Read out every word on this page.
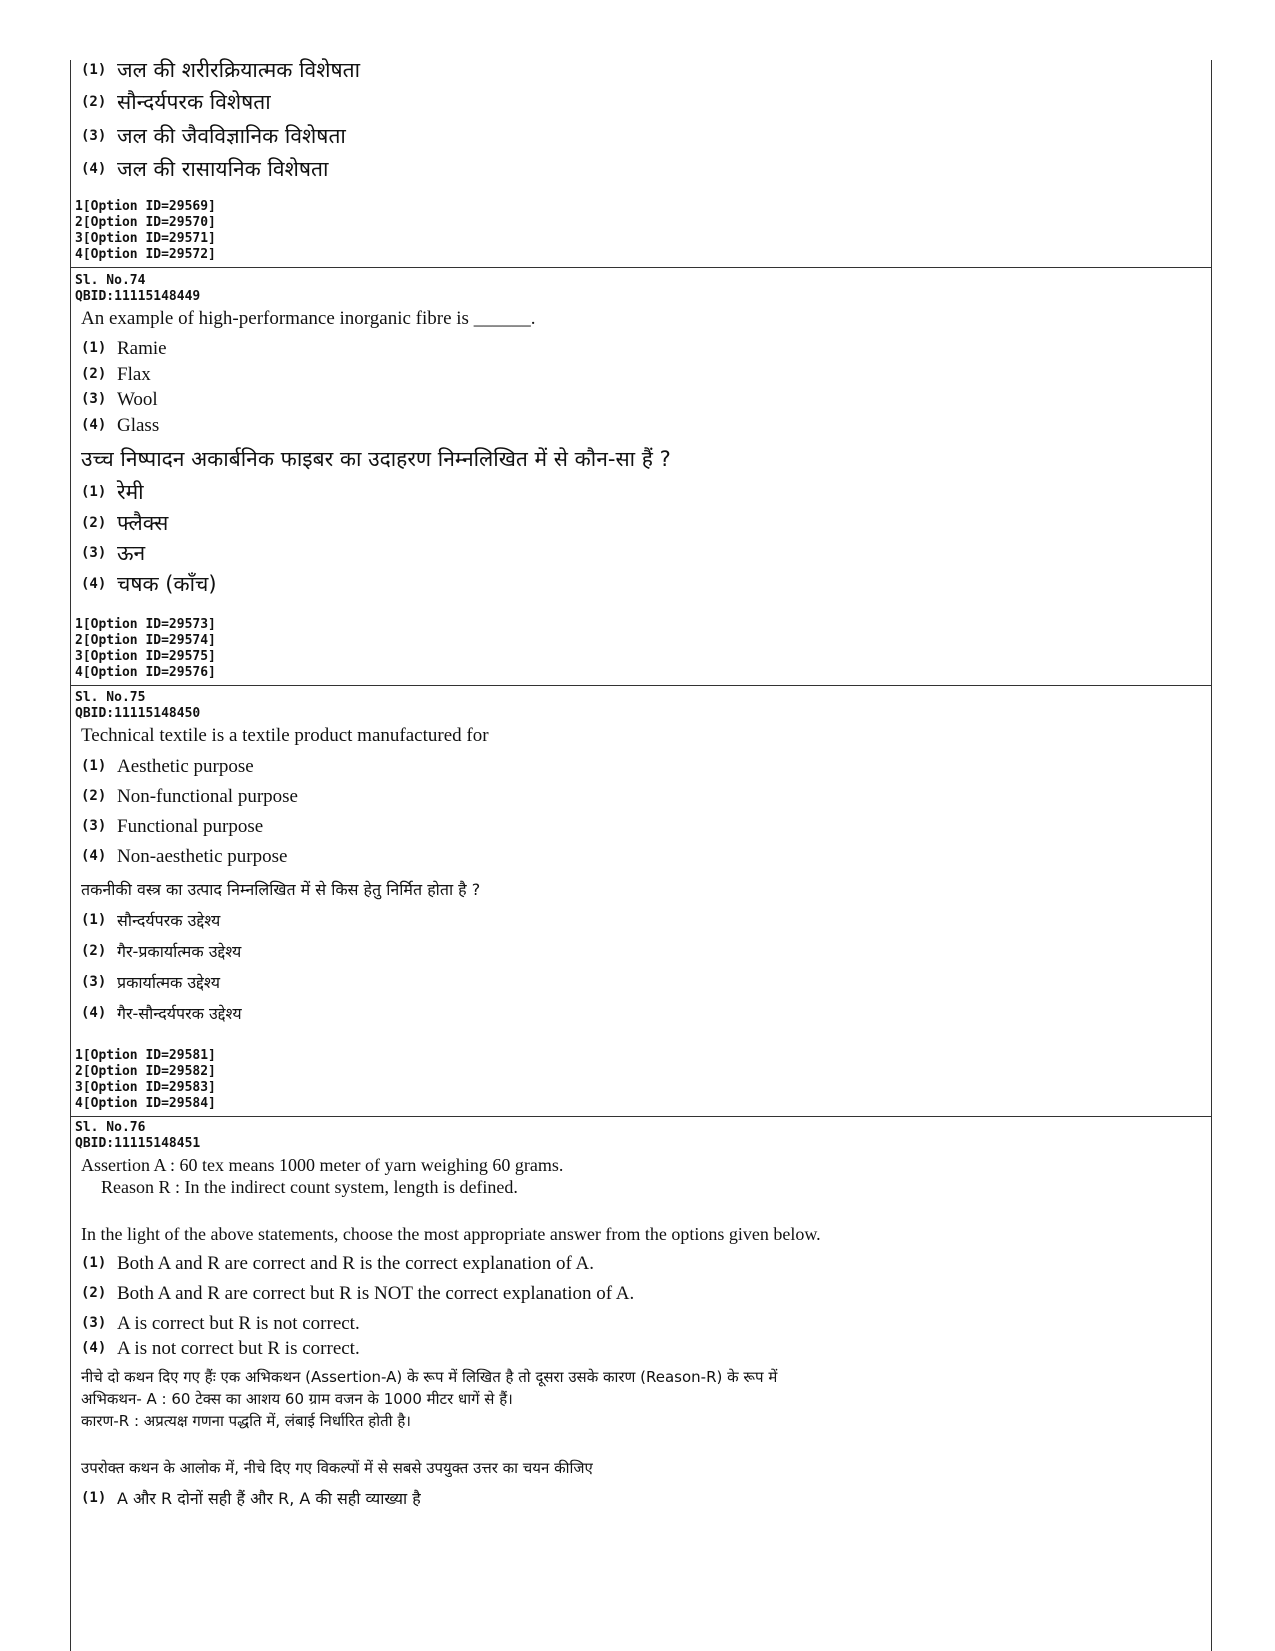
(1) जल की शरीरक्रियात्मक विशेषता
(2) सौन्दर्यपरक विशेषता
(3) जल की जैवविज्ञानिक विशेषता
(4) जल की रासायनिक विशेषता
1[Option ID=29569]
2[Option ID=29570]
3[Option ID=29571]
4[Option ID=29572]
Sl. No.74
QBID:11115148449
An example of high-performance inorganic fibre is ______.
(1) Ramie
(2) Flax
(3) Wool
(4) Glass
उच्च निष्पादन अकार्बनिक फाइबर का उदाहरण निम्नलिखित में से कौन-सा हैं ?
(1) रेमी
(2) फ्लैक्स
(3) ऊन
(4) चषक (काँच)
1[Option ID=29573]
2[Option ID=29574]
3[Option ID=29575]
4[Option ID=29576]
Sl. No.75
QBID:11115148450
Technical textile is a textile product manufactured for
(1) Aesthetic purpose
(2) Non-functional purpose
(3) Functional purpose
(4) Non-aesthetic purpose
तकनीकी वस्त्र का उत्पाद निम्नलिखित में से किस हेतु निर्मित होता है ?
(1) सौन्दर्यपरक उद्देश्य
(2) गैर-प्रकार्यात्मक उद्देश्य
(3) प्रकार्यात्मक उद्देश्य
(4) गैर-सौन्दर्यपरक उद्देश्य
1[Option ID=29581]
2[Option ID=29582]
3[Option ID=29583]
4[Option ID=29584]
Sl. No.76
QBID:11115148451
Assertion A : 60 tex means 1000 meter of yarn weighing 60 grams.
Reason R : In the indirect count system, length is defined.
In the light of the above statements, choose the most appropriate answer from the options given below.
(1) Both A and R are correct and R is the correct explanation of A.
(2) Both A and R are correct but R is NOT the correct explanation of A.
(3) A is correct but R is not correct.
(4) A is not correct but R is correct.
नीचे दो कथन दिए गए हैंः एक अभिकथन (Assertion-A) के रूप में लिखित है तो दूसरा उसके कारण (Reason-R) के रूप में
अभिकथन- A : 60 टेक्स का आशय 60 ग्राम वजन के 1000 मीटर धागें से हैं।
कारण-R : अप्रत्यक्ष गणना पद्धति में, लंबाई निर्धारित होती है।
उपरोक्त कथन के आलोक में, नीचे दिए गए विकल्पों में से सबसे उपयुक्त उत्तर का चयन कीजिए
(1) A और R दोनों सही हैं और R, A की सही व्याख्या है
